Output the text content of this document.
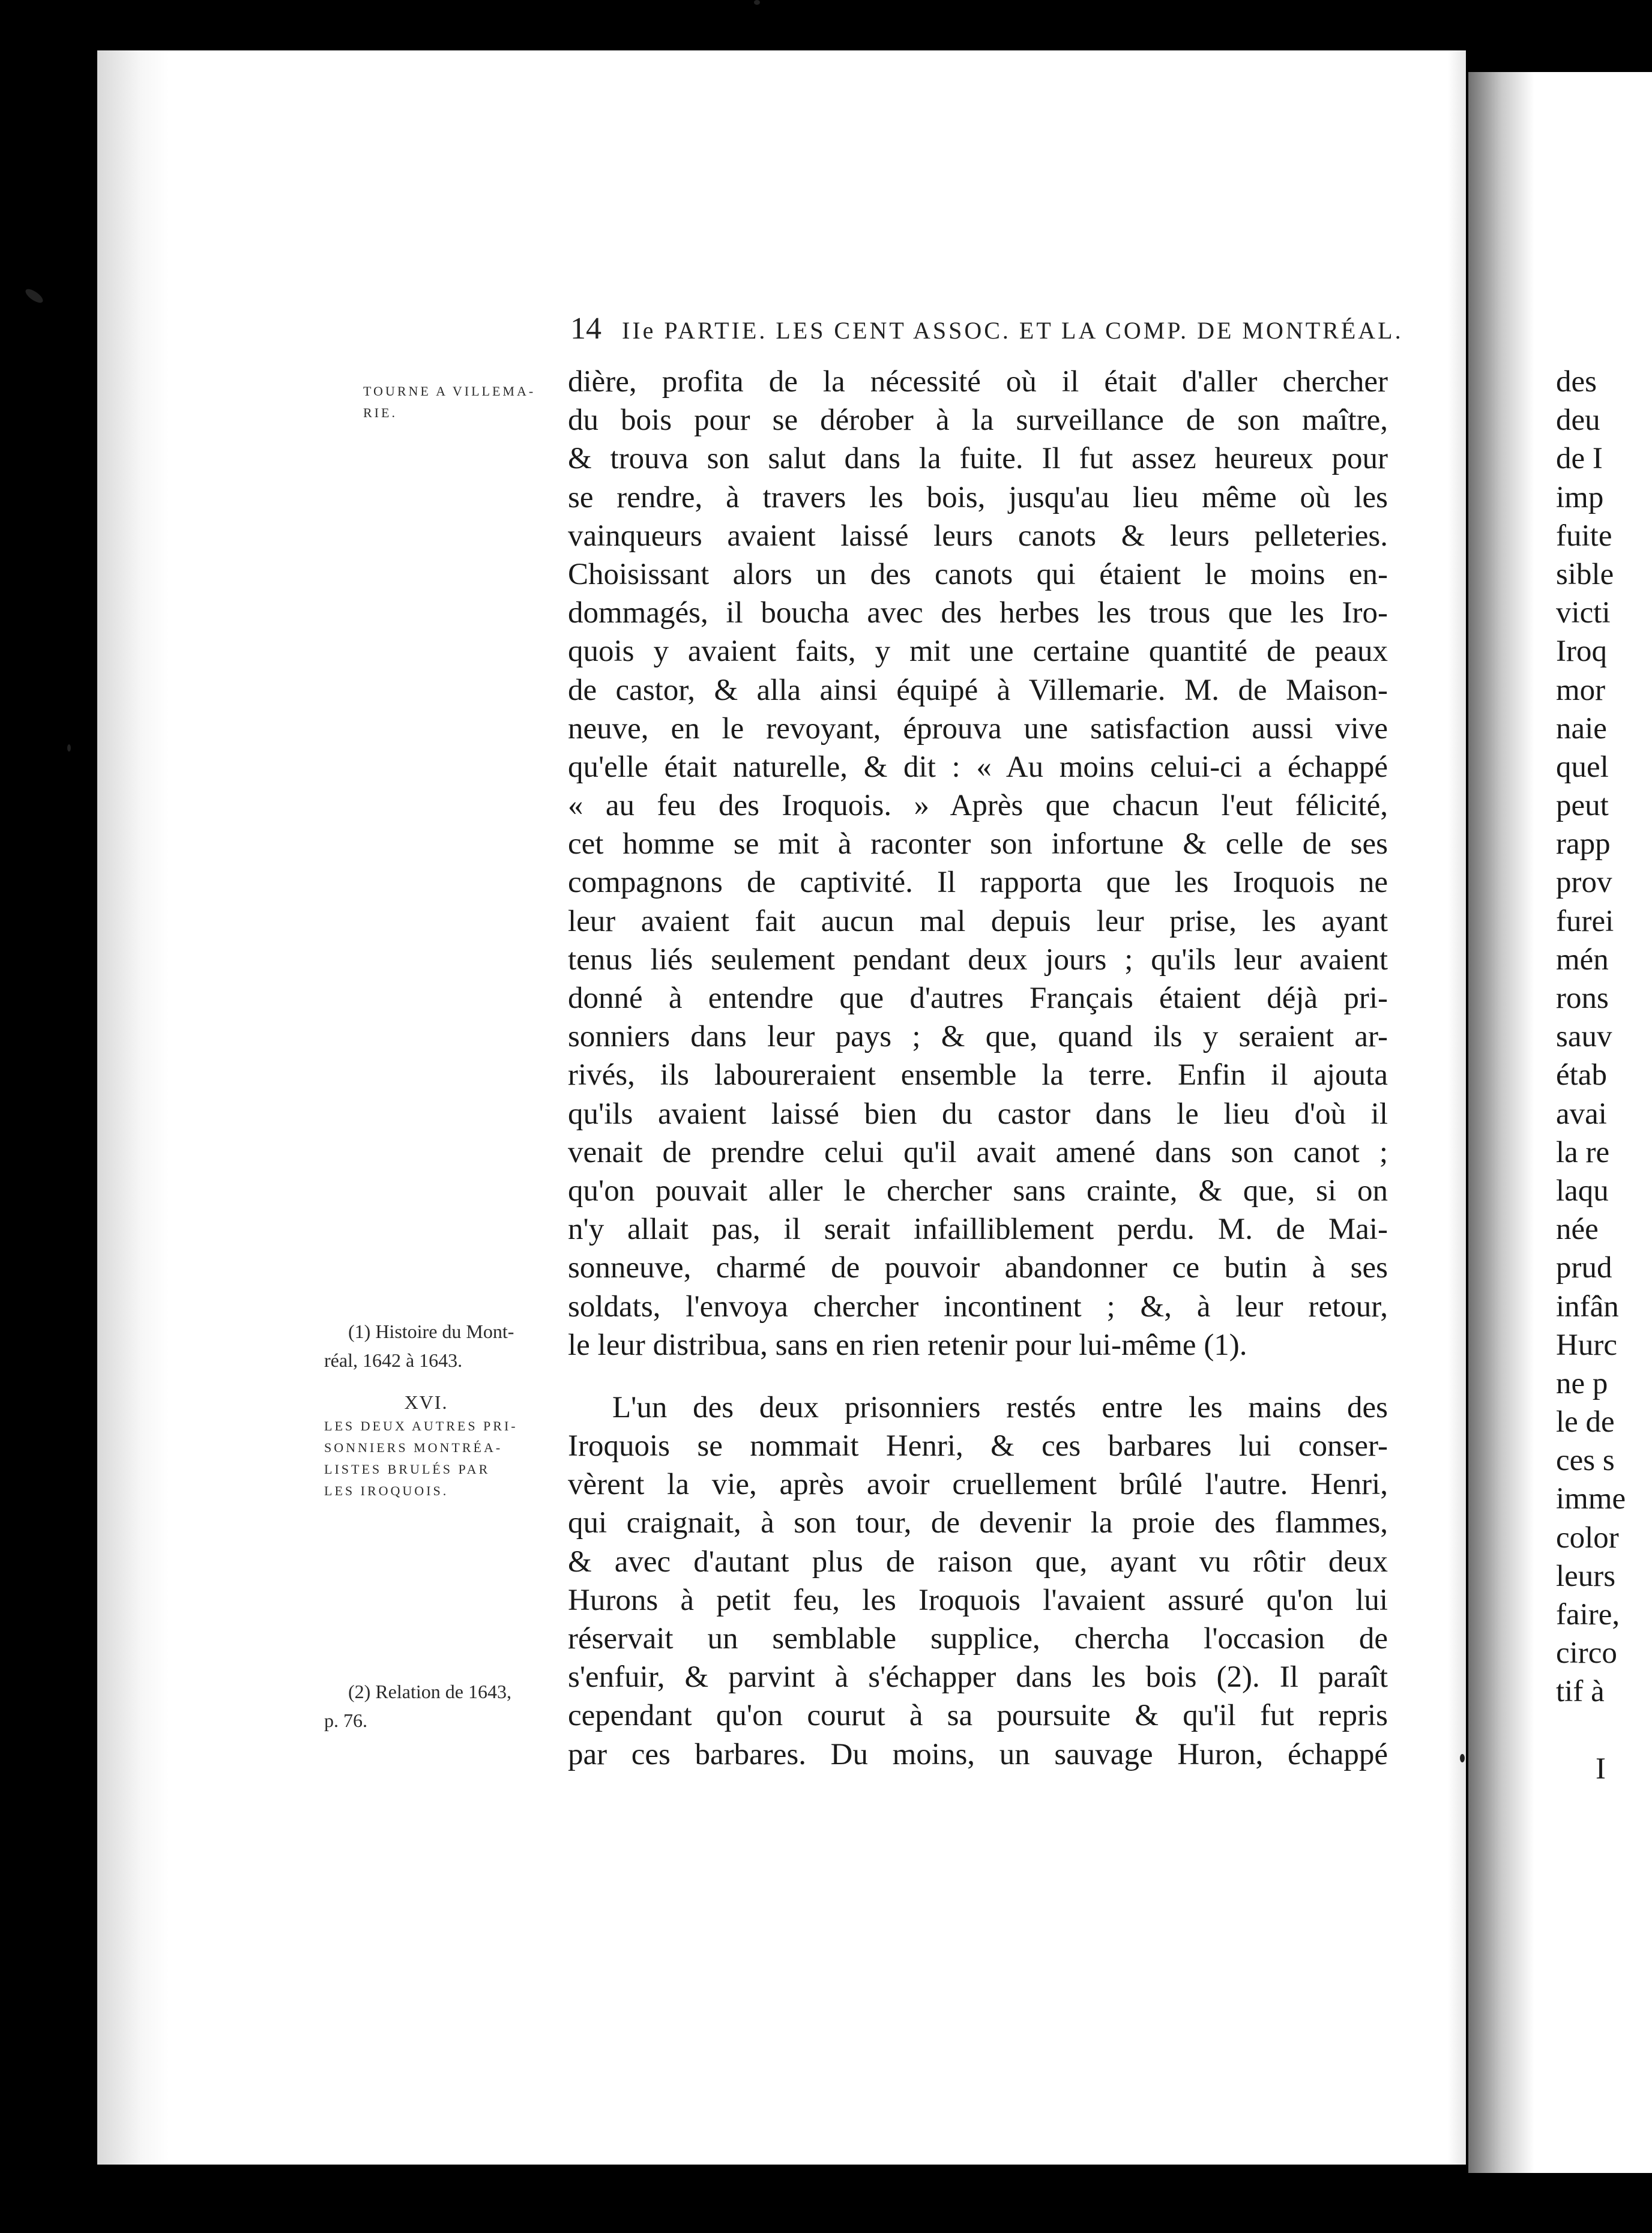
14 IIe PARTIE. LES CENT ASSOC. ET LA COMP. DE MONTRÉAL.
TOURNE A VILLEMA-
RIE.
(1) Histoire du Mont-
réal, 1642 à 1643.
XVI.
LES DEUX AUTRES PRI-
SONNIERS MONTRÉA-
LISTES BRULÉS PAR
LES IROQUOIS.
(2) Relation de 1643,
p. 76.
dière, profita de la nécessité où il était d'aller chercher
du bois pour se dérober à la surveillance de son maître,
& trouva son salut dans la fuite. Il fut assez heureux pour
se rendre, à travers les bois, jusqu'au lieu même où les
vainqueurs avaient laissé leurs canots & leurs pelleteries.
Choisissant alors un des canots qui étaient le moins en-
dommagés, il boucha avec des herbes les trous que les Iro-
quois y avaient faits, y mit une certaine quantité de peaux
de castor, & alla ainsi équipé à Villemarie. M. de Maison-
neuve, en le revoyant, éprouva une satisfaction aussi vive
qu'elle était naturelle, & dit : « Au moins celui-ci a échappé
« au feu des Iroquois. » Après que chacun l'eut félicité,
cet homme se mit à raconter son infortune & celle de ses
compagnons de captivité. Il rapporta que les Iroquois ne
leur avaient fait aucun mal depuis leur prise, les ayant
tenus liés seulement pendant deux jours ; qu'ils leur avaient
donné à entendre que d'autres Français étaient déjà pri-
sonniers dans leur pays ; & que, quand ils y seraient ar-
rivés, ils laboureraient ensemble la terre. Enfin il ajouta
qu'ils avaient laissé bien du castor dans le lieu d'où il
venait de prendre celui qu'il avait amené dans son canot ;
qu'on pouvait aller le chercher sans crainte, & que, si on
n'y allait pas, il serait infailliblement perdu. M. de Mai-
sonneuve, charmé de pouvoir abandonner ce butin à ses
soldats, l'envoya chercher incontinent ; &, à leur retour,
le leur distribua, sans en rien retenir pour lui-même (1).
L'un des deux prisonniers restés entre les mains des
Iroquois se nommait Henri, & ces barbares lui conser-
vèrent la vie, après avoir cruellement brûlé l'autre. Henri,
qui craignait, à son tour, de devenir la proie des flammes,
& avec d'autant plus de raison que, ayant vu rôtir deux
Hurons à petit feu, les Iroquois l'avaient assuré qu'on lui
réservait un semblable supplice, chercha l'occasion de
s'enfuir, & parvint à s'échapper dans les bois (2). Il paraît
cependant qu'on courut à sa poursuite & qu'il fut repris
par ces barbares. Du moins, un sauvage Huron, échappé
des
deu
de I
imp
fuite
sible
victi
Iroq
mor
naie
quel
peut
rapp
prov
furei
mén
rons
sauv
étab
avai
la re
laqu
née
prud
infân
Hurc
ne p
le de
ces s
imme
color
leurs
faire,
circo
tif à
I
